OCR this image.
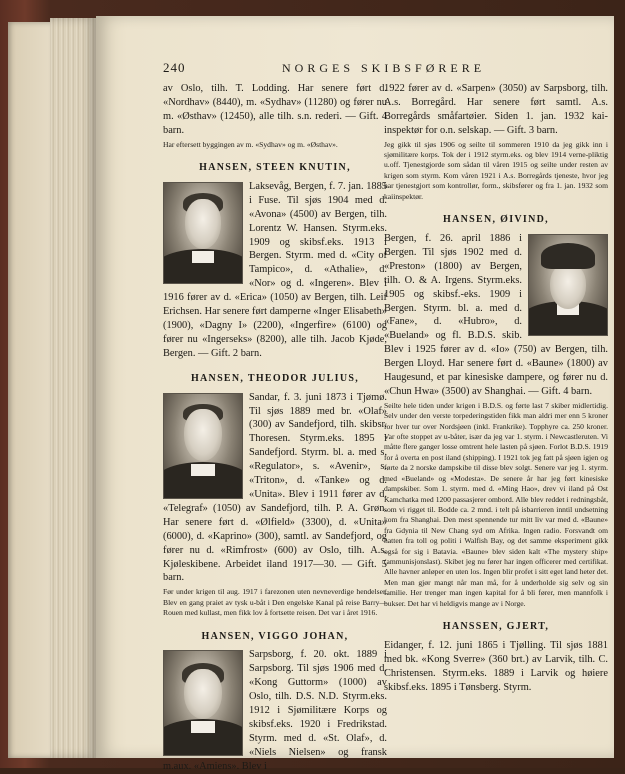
240	NORGES SKIBSFØRERE

av Oslo, tilh. T. Lodding. Har senere ført d. «Nordhav» (8440), m. «Sydhav» (11280) og fører nu m. «Østhav» (12450), alle tilh. s.n. rederi. — Gift. 4 barn.

Har eftersett byggingen av m. «Sydhav» og m. «Østhav».

HANSEN, STEEN KNUTIN,

Laksevåg, Bergen, f. 7. jan. 1885 i Fuse. Til sjøs 1904 med d. «Avona» (4500) av Bergen, tilh. Lorentz W. Hansen. Styrm.eks. 1909 og skibsf.eks. 1913 i Bergen. Styrm. med d. «City of Tampico», d. «Athalie», d. «Nor» og d. «Ingeren». Blev i 1916 fører av d. «Erica» (1050) av Bergen, tilh. Leif Erichsen. Har senere ført damperne «Inger Elisabeth» (1900), «Dagny I» (2200), «Ingerfire» (6100) og fører nu «Ingerseks» (8200), alle tilh. Jacob Kjøde, Bergen. — Gift. 2 barn.

HANSEN, THEODOR JULIUS,

Sandar, f. 3. juni 1873 i Tjømø. Til sjøs 1889 med br. «Olaf» (300) av Sandefjord, tilh. skibsr. Thoresen. Styrm.eks. 1895 i Sandefjord. Styrm. bl. a. med s. «Regulator», s. «Avenir», s. «Triton», d. «Tanke» og d. «Unita». Blev i 1911 fører av d. «Telegraf» (1050) av Sandefjord, tilh. P. A. Grøn. Har senere ført d. «Ølfield» (3300), d. «Unita» (6000), d. «Kaprino» (300), samtl. av Sandefjord, og fører nu d. «Rimfrost» (600) av Oslo, tilh. A.s. Kjøleskibene. Arbeidet iland 1917—30. — Gift. 5 barn.

Før under krigen til aug. 1917 i farezonen uten nevneverdige hendelser. Blev en gang praiet av tysk u-båt i Den engelske Kanal på reise Barry—Rouen med kullast, men fikk lov å fortsette reisen. Det var i året 1916.

HANSEN, VIGGO JOHAN,

Sarpsborg, f. 20. okt. 1889 i Sarpsborg. Til sjøs 1906 med d. «Kong Guttorm» (1000) av Oslo, tilh. D.S. N.D. Styrm.eks. 1912 i Sjømilitære Korps og skibsf.eks. 1920 i Fredrikstad. Styrm. med d. «St. Olaf», d. «Niels Nielsen» og fransk m.aux. «Amiens». Blev i

1922 fører av d. «Sarpen» (3050) av Sarpsborg, tilh. A.s. Borregård. Har senere ført samtl. A.s. Borregårds småfartøier. Siden 1. jan. 1932 kai-inspektør for o.n. selskap. — Gift. 3 barn.

Jeg gikk til sjøs 1906 og seilte til sommeren 1910 da jeg gikk inn i sjømilitære korps. Tok der i 1912 styrm.eks. og blev 1914 verne-pliktig u.off. Tjenestgjorde som sådan til våren 1915 og seilte under resten av krigen som styrm. Kom våren 1921 i A.s. Borregårds tjeneste, hvor jeg har tjenestgjort som kontrollør, form., skibsfører og fra 1. jan. 1932 som kaiinspektør.

HANSEN, ØIVIND,

Bergen, f. 26. april 1886 i Bergen. Til sjøs 1902 med d. «Preston» (1800) av Bergen, tilh. O. & A. Irgens. Styrm.eks. 1905 og skibsf.-eks. 1909 i Bergen. Styrm. bl. a. med d. «Fane», d. «Hubro», d. «Bueland» og fl. B.D.S. skib. Blev i 1925 fører av d. «Io» (750) av Bergen, tilh. Bergen Lloyd. Har senere ført d. «Baune» (1800) av Haugesund, et par kinesiske dampere, og fører nu d. «Chun Hwa» (3500) av Shanghai. — Gift. 4 barn.

Seilte hele tiden under krigen i B.D.S. og førte last 7 skiber midlertidig. Selv under den verste torpederingstiden fikk man aldri mer enn 5 kroner for hver tur over Nordsjøen (inkl. Frankrike). Topphyre ca. 250 kroner. Var ofte stoppet av u-båter, især da jeg var 1. styrm. i Newcastleruten. Vi måtte flere ganger losse omtrent hele lasten på sjøen. Forlot B.D.S. 1919 for å overta en post iland (shipping). I 1921 tok jeg fatt på sjøen igjen og førte da 2 norske dampskibe til disse blev solgt. Senere var jeg 1. styrm. med «Bueland» og «Modesta». De senere år har jeg ført kinesiske dampskiber. Som 1. styrm. med d. «Ming Hao», drev vi iland på Ost Kamchatka med 1200 passasjerer ombord. Alle blev reddet i redningsbåt, som vi rigget til. Bodde ca. 2 mnd. i telt på isbarrieren inntil undsetning kom fra Shanghai. Den mest spennende tur mitt liv var med d. «Baune» fra Gdynia til New Chang syd om Afrika. Ingen radio. Forsvandt om natten fra toll og politi i Walfish Bay, og det samme eksperiment gikk også for sig i Batavia. «Baune» blev siden kalt «The mystery ship» (ammunisjonslast). Skibet jeg nu fører har ingen officerer med certifikat. Alle havner anløper en uten los. Ingen blir profet i sitt eget land heter det. Men man gjør mangt når man må, for å underholde sig selv og sin familie. Her trenger man ingen kapital for å bli fører, men mannfolk i bukser. Det har vi heldigvis mange av i Norge.

HANSSEN, GJERT,

Eidanger, f. 12. juni 1865 i Tjølling. Til sjøs 1881 med bk. «Kong Sverre» (360 brt.) av Larvik, tilh. C. Christensen. Styrm.eks. 1889 i Larvik og høiere skibsf.eks. 1895 i Tønsberg. Styrm.
